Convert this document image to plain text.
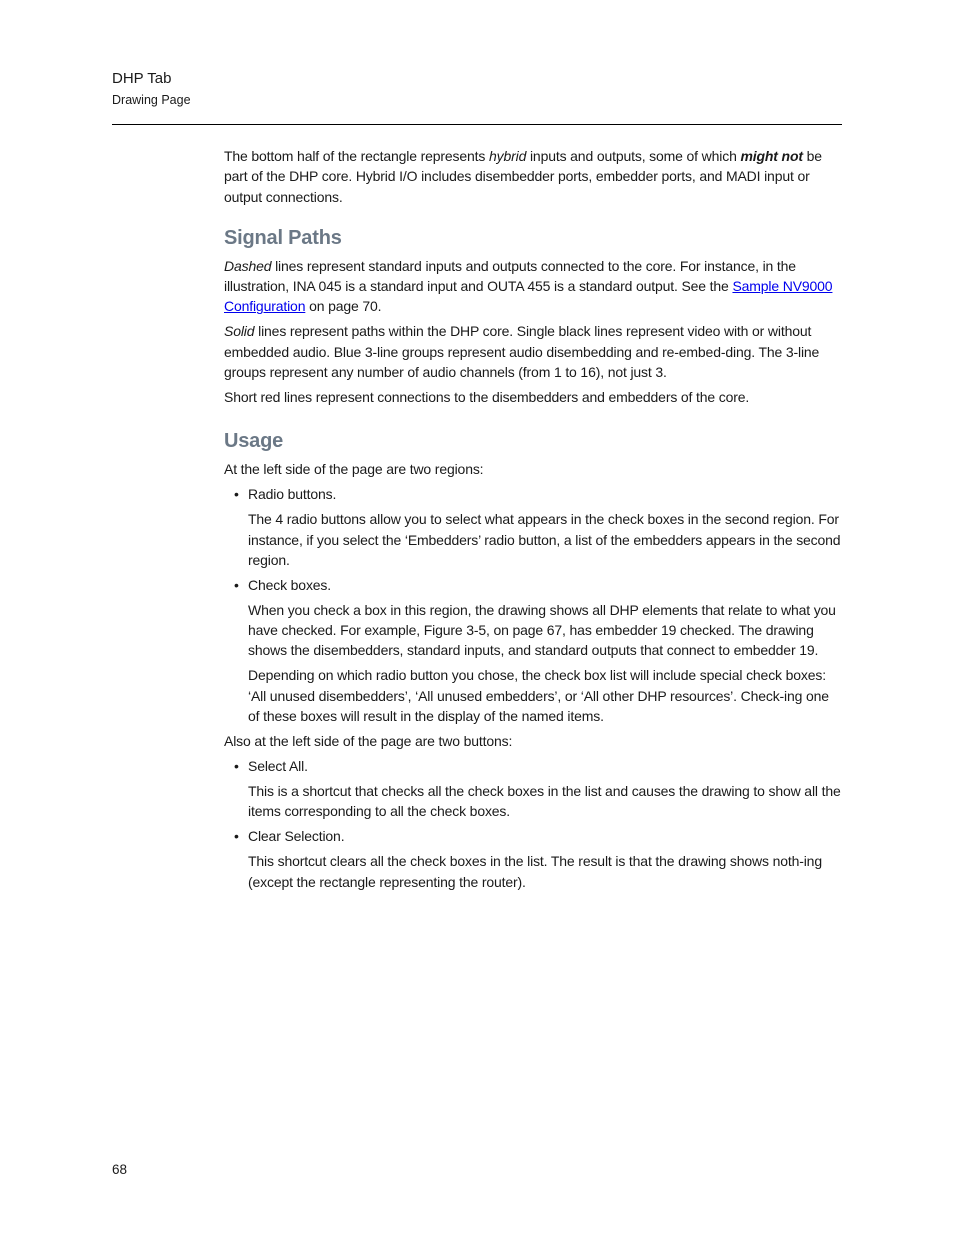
DHP Tab
Drawing Page

The bottom half of the rectangle represents hybrid inputs and outputs, some of which might not be part of the DHP core. Hybrid I/O includes disembedder ports, embedder ports, and MADI input or output connections.

Signal Paths

Dashed lines represent standard inputs and outputs connected to the core. For instance, in the illustration, INA 045 is a standard input and OUTA 455 is a standard output. See the Sample NV9000 Configuration on page 70.

Solid lines represent paths within the DHP core. Single black lines represent video with or without embedded audio. Blue 3-line groups represent audio disembedding and re-embed-ding. The 3-line groups represent any number of audio channels (from 1 to 16), not just 3.

Short red lines represent connections to the disembedders and embedders of the core.

Usage

At the left side of the page are two regions:

• Radio buttons.

The 4 radio buttons allow you to select what appears in the check boxes in the second region. For instance, if you select the ‘Embedders’ radio button, a list of the embedders appears in the second region.

• Check boxes.

When you check a box in this region, the drawing shows all DHP elements that relate to what you have checked. For example, Figure 3-5, on page 67, has embedder 19 checked. The drawing shows the disembedders, standard inputs, and standard outputs that connect to embedder 19.

Depending on which radio button you chose, the check box list will include special check boxes: ‘All unused disembedders’, ‘All unused embedders’, or ‘All other DHP resources’. Check-ing one of these boxes will result in the display of the named items.

Also at the left side of the page are two buttons:

• Select All.

This is a shortcut that checks all the check boxes in the list and causes the drawing to show all the items corresponding to all the check boxes.

• Clear Selection.

This shortcut clears all the check boxes in the list. The result is that the drawing shows noth-ing (except the rectangle representing the router).

68
